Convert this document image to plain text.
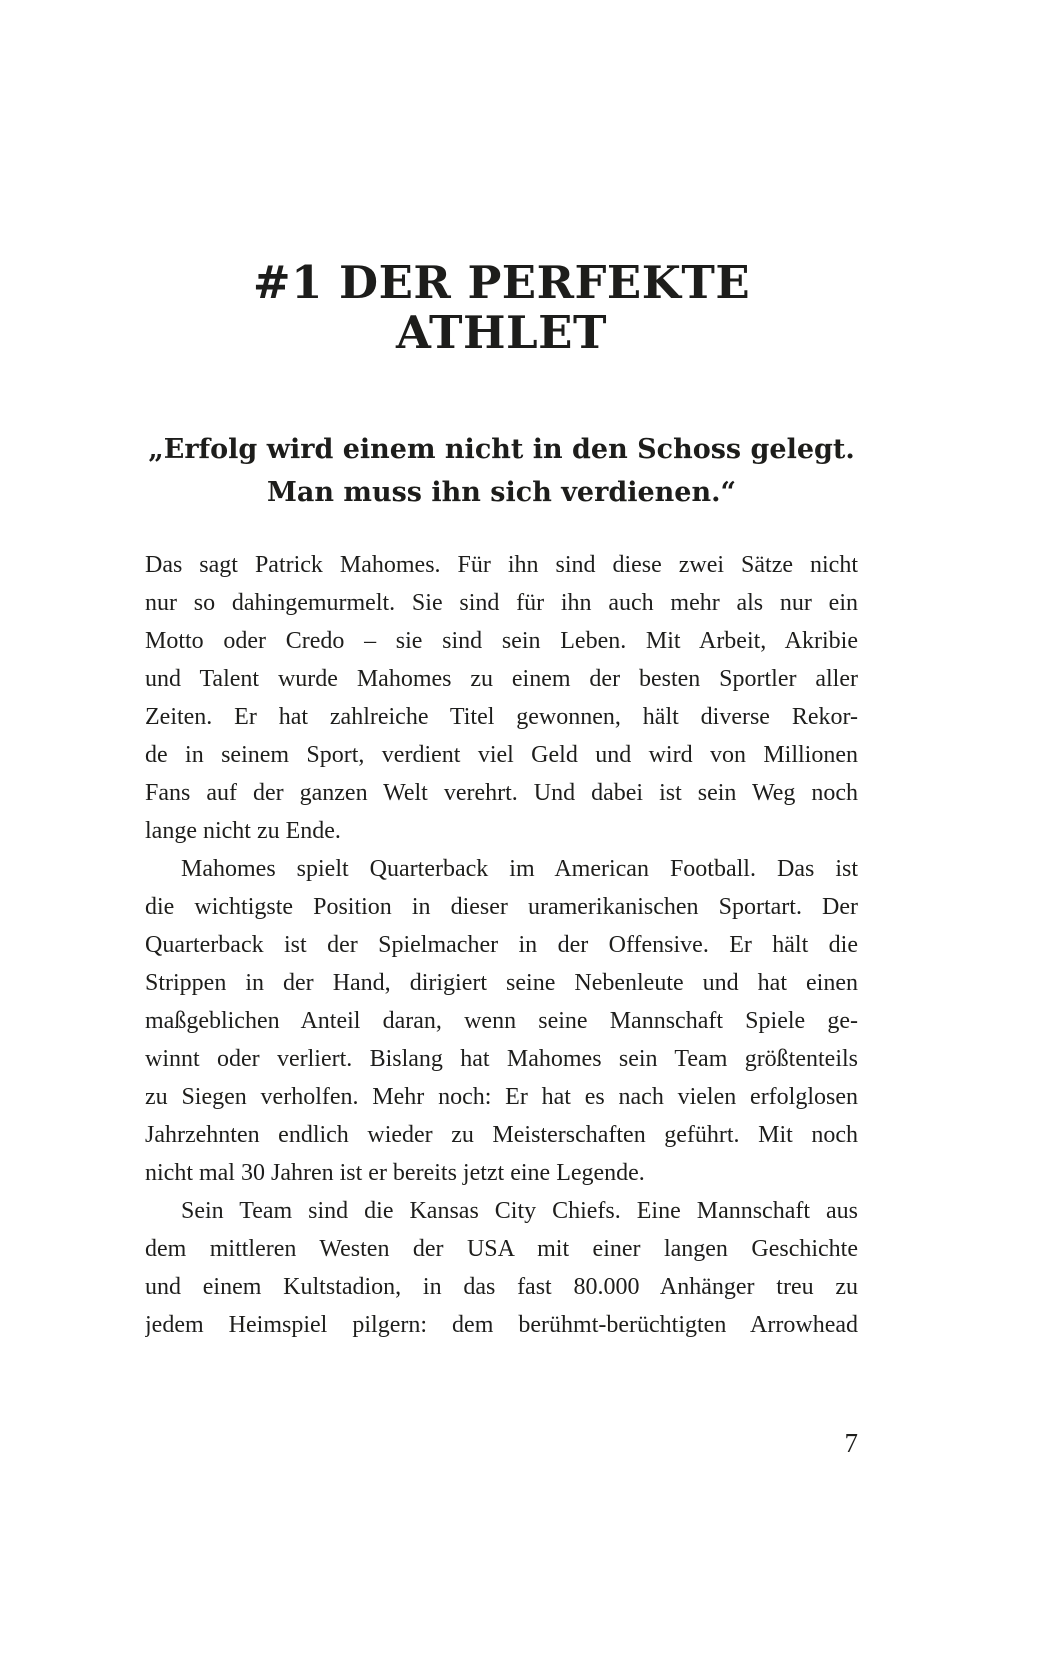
#1 DER PERFEKTE ATHLET
„Erfolg wird einem nicht in den Schoss gelegt.
Man muss ihn sich verdienen.“
Das sagt Patrick Mahomes. Für ihn sind diese zwei Sätze nicht
nur so dahingemurmelt. Sie sind für ihn auch mehr als nur ein
Motto oder Credo – sie sind sein Leben. Mit Arbeit, Akribie
und Talent wurde Mahomes zu einem der besten Sportler aller
Zeiten. Er hat zahlreiche Titel gewonnen, hält diverse Rekor-
de in seinem Sport, verdient viel Geld und wird von Millionen
Fans auf der ganzen Welt verehrt. Und dabei ist sein Weg noch
lange nicht zu Ende.
Mahomes spielt Quarterback im American Football. Das ist
die wichtigste Position in dieser uramerikanischen Sportart. Der
Quarterback ist der Spielmacher in der Offensive. Er hält die
Strippen in der Hand, dirigiert seine Nebenleute und hat einen
maßgeblichen Anteil daran, wenn seine Mannschaft Spiele ge-
winnt oder verliert. Bislang hat Mahomes sein Team größtenteils
zu Siegen verholfen. Mehr noch: Er hat es nach vielen erfolglosen
Jahrzehnten endlich wieder zu Meisterschaften geführt. Mit noch
nicht mal 30 Jahren ist er bereits jetzt eine Legende.
Sein Team sind die Kansas City Chiefs. Eine Mannschaft aus
dem mittleren Westen der USA mit einer langen Geschichte
und einem Kultstadion, in das fast 80.000 Anhänger treu zu
jedem Heimspiel pilgern: dem berühmt-berüchtigten Arrowhead
7
